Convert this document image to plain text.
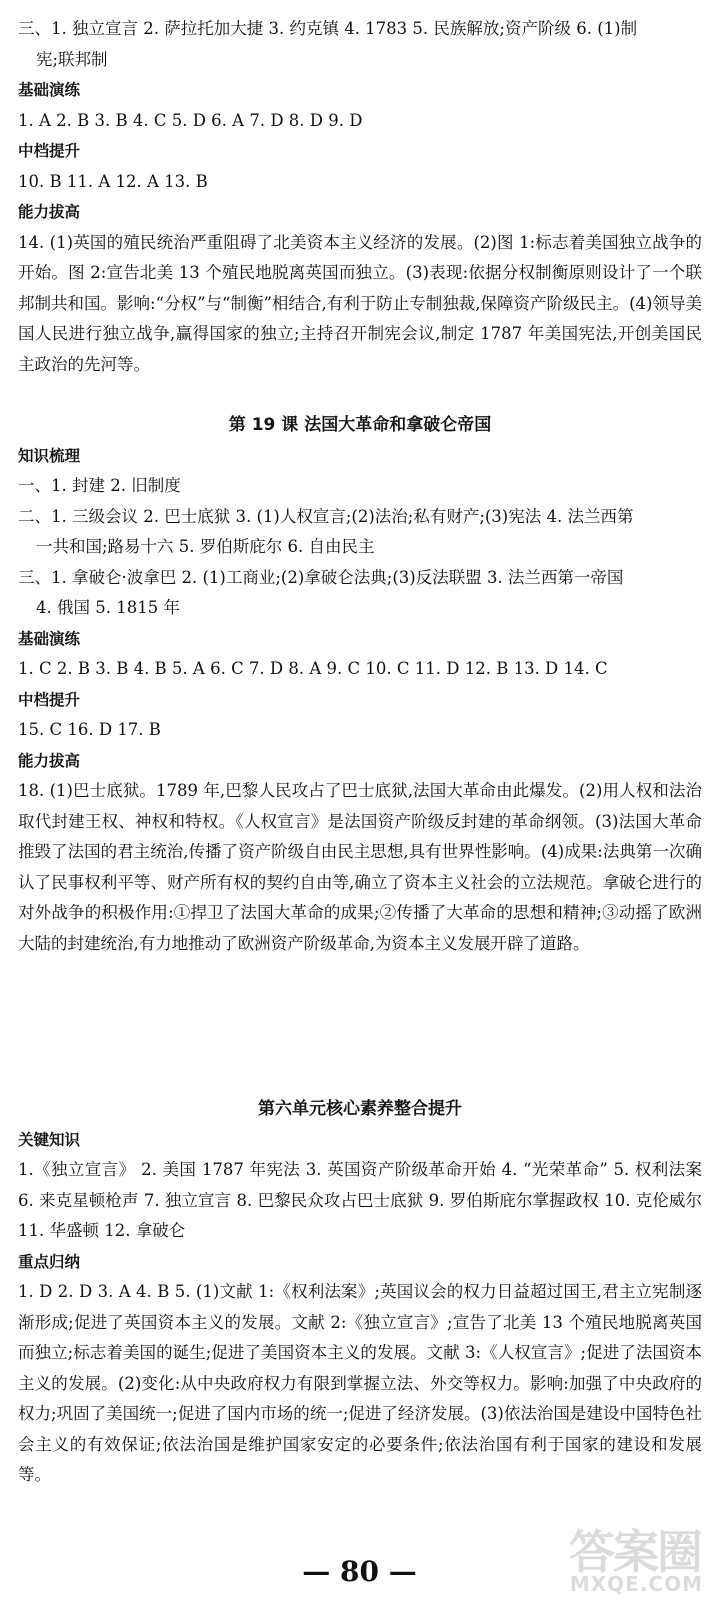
三、1. 独立宣言 2. 萨拉托加大捷 3. 约克镇 4. 1783 5. 民族解放;资产阶级 6. (1)制

宪;联邦制

基础演练

1. A 2. B 3. B 4. C 5. D 6. A 7. D 8. D 9. D

中档提升

10. B 11. A 12. A 13. B

能力拔高

14. (1)英国的殖民统治严重阻碍了北美资本主义经济的发展。(2)图 1:标志着美国独立战争的开始。图 2:宣告北美 13 个殖民地脱离英国而独立。(3)表现:依据分权制衡原则设计了一个联邦制共和国。影响:“分权”与“制衡”相结合,有利于防止专制独裁,保障资产阶级民主。(4)领导美国人民进行独立战争,赢得国家的独立;主持召开制宪会议,制定 1787 年美国宪法,开创美国民主政治的先河等。

第 19 课 法国大革命和拿破仑帝国

知识梳理

一、1. 封建 2. 旧制度

二、1. 三级会议 2. 巴士底狱 3. (1)人权宣言;(2)法治;私有财产;(3)宪法 4. 法兰西第

一共和国;路易十六 5. 罗伯斯庇尔 6. 自由民主

三、1. 拿破仑·波拿巴 2. (1)工商业;(2)拿破仑法典;(3)反法联盟 3. 法兰西第一帝国

4. 俄国 5. 1815 年

基础演练

1. C 2. B 3. B 4. B 5. A 6. C 7. D 8. A 9. C 10. C 11. D 12. B 13. D 14. C

中档提升

15. C 16. D 17. B

能力拔高

18. (1)巴士底狱。1789 年,巴黎人民攻占了巴士底狱,法国大革命由此爆发。(2)用人权和法治取代封建王权、神权和特权。《人权宣言》是法国资产阶级反封建的革命纲领。(3)法国大革命推毁了法国的君主统治,传播了资产阶级自由民主思想,具有世界性影响。(4)成果:法典第一次确认了民事权利平等、财产所有权的契约自由等,确立了资本主义社会的立法规范。拿破仑进行的对外战争的积极作用:①捍卫了法国大革命的成果;②传播了大革命的思想和精神;③动摇了欧洲大陆的封建统治,有力地推动了欧洲资产阶级革命,为资本主义发展开辟了道路。

第六单元核心素养整合提升

关键知识

1.《独立宣言》 2. 美国 1787 年宪法 3. 英国资产阶级革命开始 4. “光荣革命” 5. 权利法案 6. 来克星顿枪声 7. 独立宣言 8. 巴黎民众攻占巴士底狱 9. 罗伯斯庇尔掌握政权 10. 克伦威尔 11. 华盛顿 12. 拿破仑

重点归纳

1. D 2. D 3. A 4. B 5. (1)文献 1:《权利法案》;英国议会的权力日益超过国王,君主立宪制逐渐形成;促进了英国资本主义的发展。文献 2:《独立宣言》;宣告了北美 13 个殖民地脱离英国而独立;标志着美国的诞生;促进了美国资本主义的发展。文献 3:《人权宣言》;促进了法国资本主义的发展。(2)变化:从中央政府权力有限到掌握立法、外交等权力。影响:加强了中央政府的权力;巩固了美国统一;促进了国内市场的统一;促进了经济发展。(3)依法治国是建设中国特色社会主义的有效保证;依法治国是维护国家安定的必要条件;依法治国有利于国家的建设和发展等。

— 80 —	答案圈
MXQE.COM
